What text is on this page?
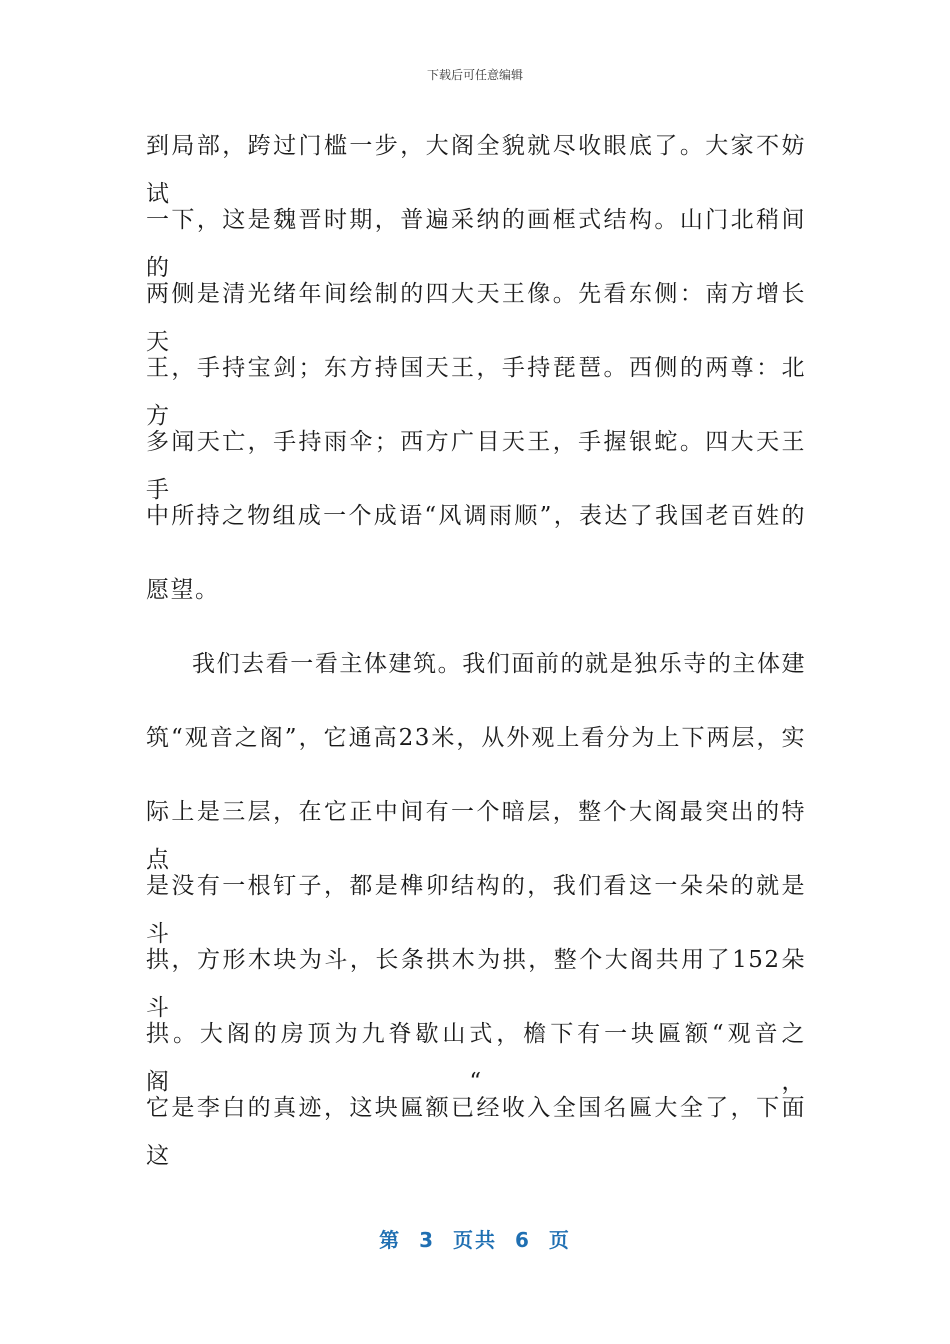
下载后可任意编辑
到局部，跨过门槛一步，大阁全貌就尽收眼底了。大家不妨试
一下，这是魏晋时期，普遍采纳的画框式结构。山门北稍间的
两侧是清光绪年间绘制的四大天王像。先看东侧：南方增长天
王，手持宝剑；东方持国天王，手持琵琶。西侧的两尊：北方
多闻天亡，手持雨伞；西方广目天王，手握银蛇。四大天王手
中所持之物组成一个成语“风调雨顺”，表达了我国老百姓的
愿望。
我们去看一看主体建筑。我们面前的就是独乐寺的主体建
筑“观音之阁”，它通高23米，从外观上看分为上下两层，实
际上是三层，在它正中间有一个暗层，整个大阁最突出的特点
是没有一根钉子，都是榫卯结构的，我们看这一朵朵的就是斗
拱，方形木块为斗，长条拱木为拱，整个大阁共用了152朵斗
拱。大阁的房顶为九脊歇山式，檐下有一块匾额“观音之阁“，
它是李白的真迹，这块匾额已经收入全国名匾大全了，下面这
第 3 页共 6 页
